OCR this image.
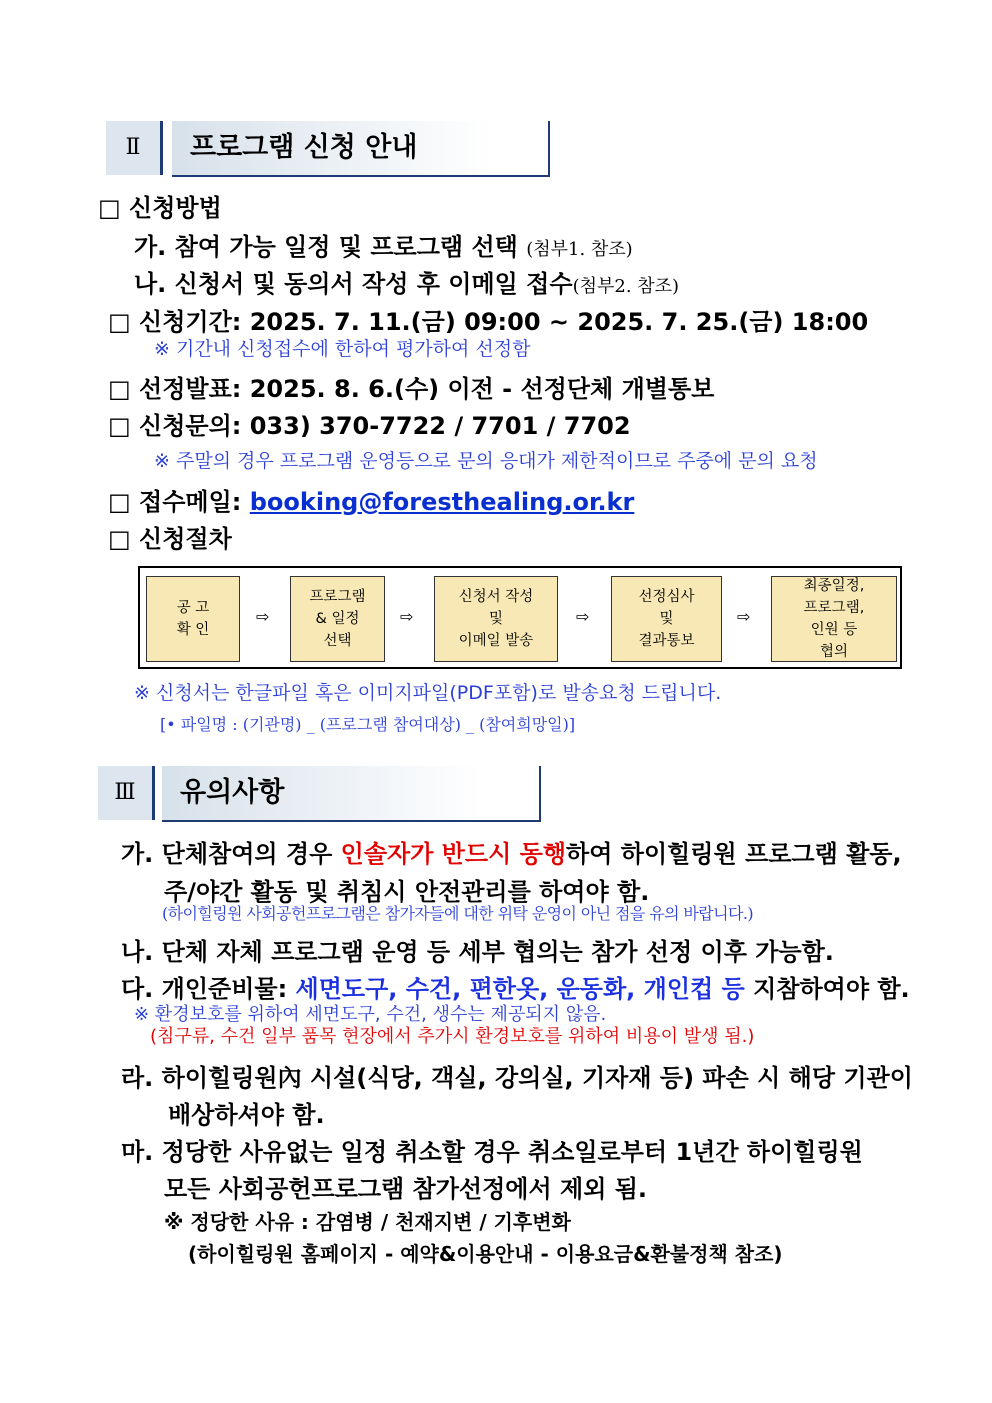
Ⅱ	프로그램 신청 안내
□ 신청방법
가. 참여 가능 일정 및 프로그램 선택 (첨부1. 참조)
나. 신청서 및 동의서 작성 후 이메일 접수(첨부2. 참조)
□ 신청기간: 2025. 7. 11.(금) 09:00 ~ 2025. 7. 25.(금) 18:00
※ 기간내 신청접수에 한하여 평가하여 선정함
□ 선정발표: 2025. 8. 6.(수) 이전 - 선정단체 개별통보
□ 신청문의: 033) 370-7722 / 7701 / 7702
※ 주말의 경우 프로그램 운영등으로 문의 응대가 제한적이므로 주중에 문의 요청
□ 접수메일: booking@foresthealing.or.kr
□ 신청절차
공 고
확 인
⇨
프로그램
& 일정
선택
⇨
신청서 작성
및
이메일 발송
⇨
선정심사
및
결과통보
⇨
최종일정,
프로그램,
인원 등
협의
※ 신청서는 한글파일 혹은 이미지파일(PDF포함)로 발송요청 드립니다.
[• 파일명 : (기관명) _ (프로그램 참여대상) _ (참여희망일)]
Ⅲ	유의사항
가. 단체참여의 경우 인솔자가 반드시 동행하여 하이힐링원 프로그램 활동,
주/야간 활동 및 취침시 안전관리를 하여야 함.
(하이힐링원 사회공헌프로그램은 참가자들에 대한 위탁 운영이 아닌 점을 유의 바랍니다.)
나. 단체 자체 프로그램 운영 등 세부 협의는 참가 선정 이후 가능함.
다. 개인준비물: 세면도구, 수건, 편한옷, 운동화, 개인컵 등 지참하여야 함.
※ 환경보호를 위하여 세면도구, 수건, 생수는 제공되지 않음.
(침구류, 수건 일부 품목 현장에서 추가시 환경보호를 위하여 비용이 발생 됨.)
라. 하이힐링원內 시설(식당, 객실, 강의실, 기자재 등) 파손 시 해당 기관이
배상하셔야 함.
마. 정당한 사유없는 일정 취소할 경우 취소일로부터 1년간 하이힐링원
모든 사회공헌프로그램 참가선정에서 제외 됨.
※ 정당한 사유 : 감염병 / 천재지변 / 기후변화
(하이힐링원 홈페이지 - 예약&이용안내 - 이용요금&환불정책 참조)
